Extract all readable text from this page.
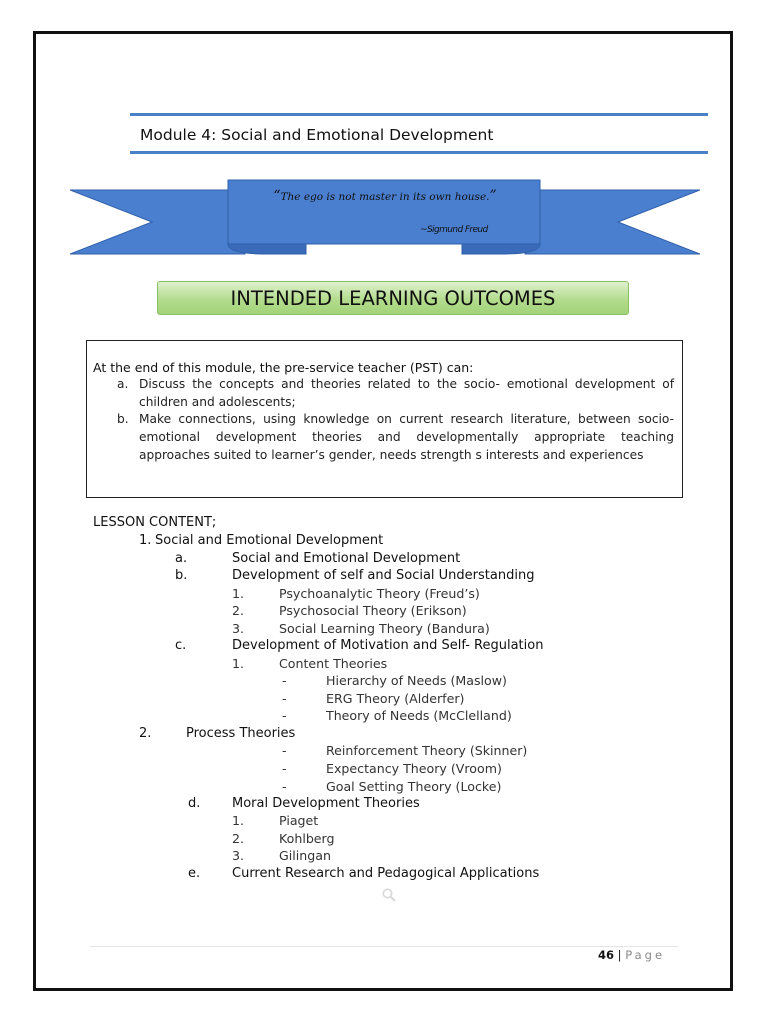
Module 4: Social and Emotional Development
“The ego is not master in its own house.”
~Sigmund Freud
INTENDED LEARNING OUTCOMES

At the end of this module, the pre-service teacher (PST) can:

a. Discuss the concepts and theories related to the socio- emotional development of children and adolescents;
b. Make connections, using knowledge on current research literature, between socio- emotional development theories and developmentally appropriate teaching approaches suited to learner’s gender, needs strength s interests and experiences
LESSON CONTENT;
1. Social and Emotional Development
a.	Social and Emotional Development
b.	Development of self and Social Understanding
1.	Psychoanalytic Theory (Freud’s)
2.	Psychosocial Theory (Erikson)
3.	Social Learning Theory (Bandura)
c.	Development of Motivation and Self- Regulation
1.	Content Theories
-	Hierarchy of Needs (Maslow)
-	ERG Theory (Alderfer)
-	Theory of Needs (McClelland)
2.	Process Theories
-	Reinforcement Theory (Skinner)
-	Expectancy Theory (Vroom)
-	Goal Setting Theory (Locke)
d. Moral Development Theories
1.	Piaget
2.	Kohlberg
3.	Gilingan
e. Current Research and Pedagogical Applications
46 | Page
